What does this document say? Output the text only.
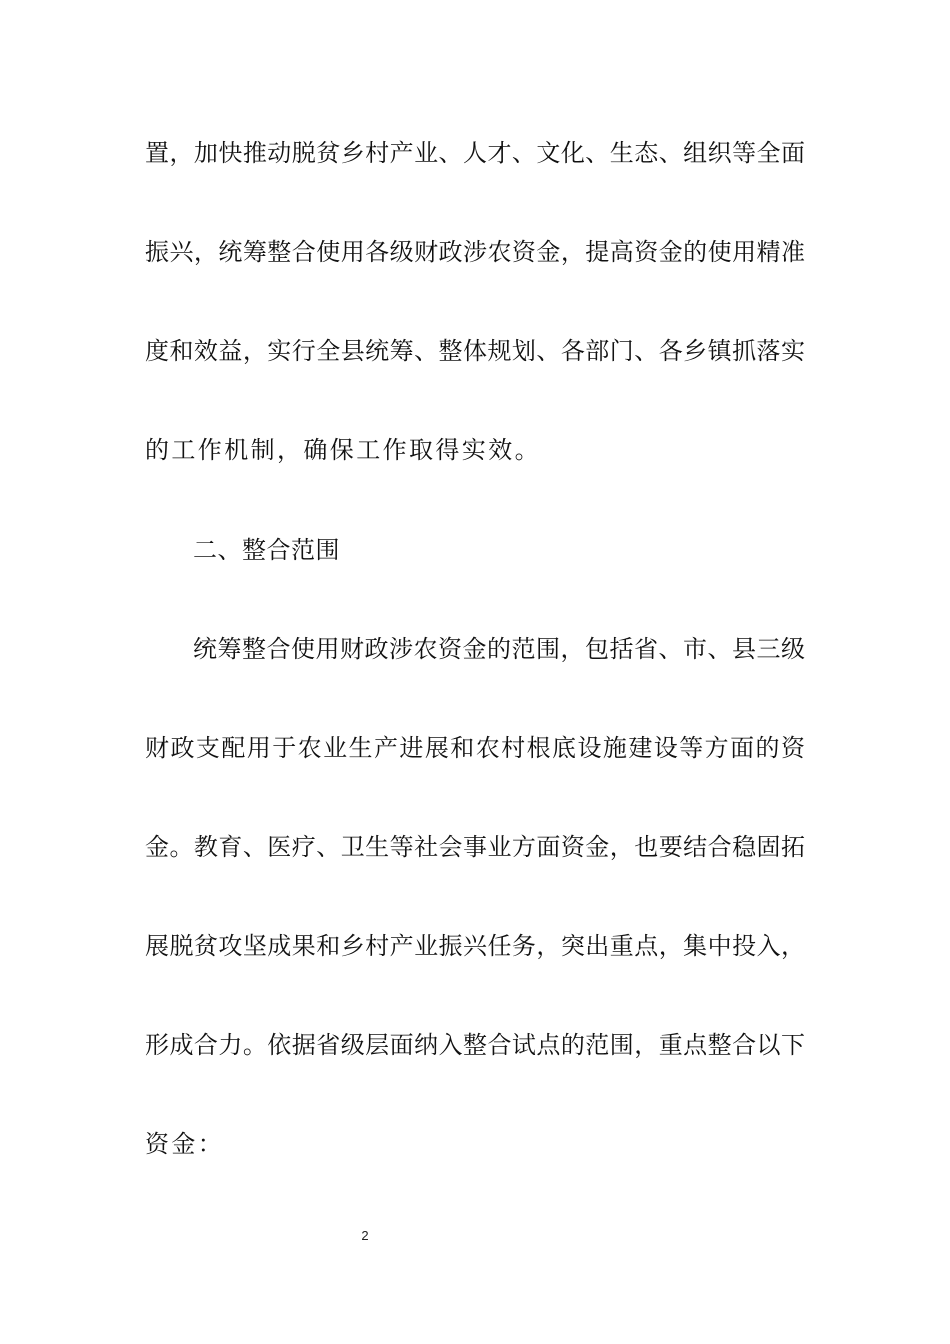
置，加快推动脱贫乡村产业、人才、文化、生态、组织等全面
振兴，统筹整合使用各级财政涉农资金，提高资金的使用精准
度和效益，实行全县统筹、整体规划、各部门、各乡镇抓落实
的工作机制，确保工作取得实效。
二、整合范围
统筹整合使用财政涉农资金的范围，包括省、市、县三级
财政支配用于农业生产进展和农村根底设施建设等方面的资
金。教育、医疗、卫生等社会事业方面资金，也要结合稳固拓
展脱贫攻坚成果和乡村产业振兴任务，突出重点，集中投入，
形成合力。依据省级层面纳入整合试点的范围，重点整合以下
资金：
2
